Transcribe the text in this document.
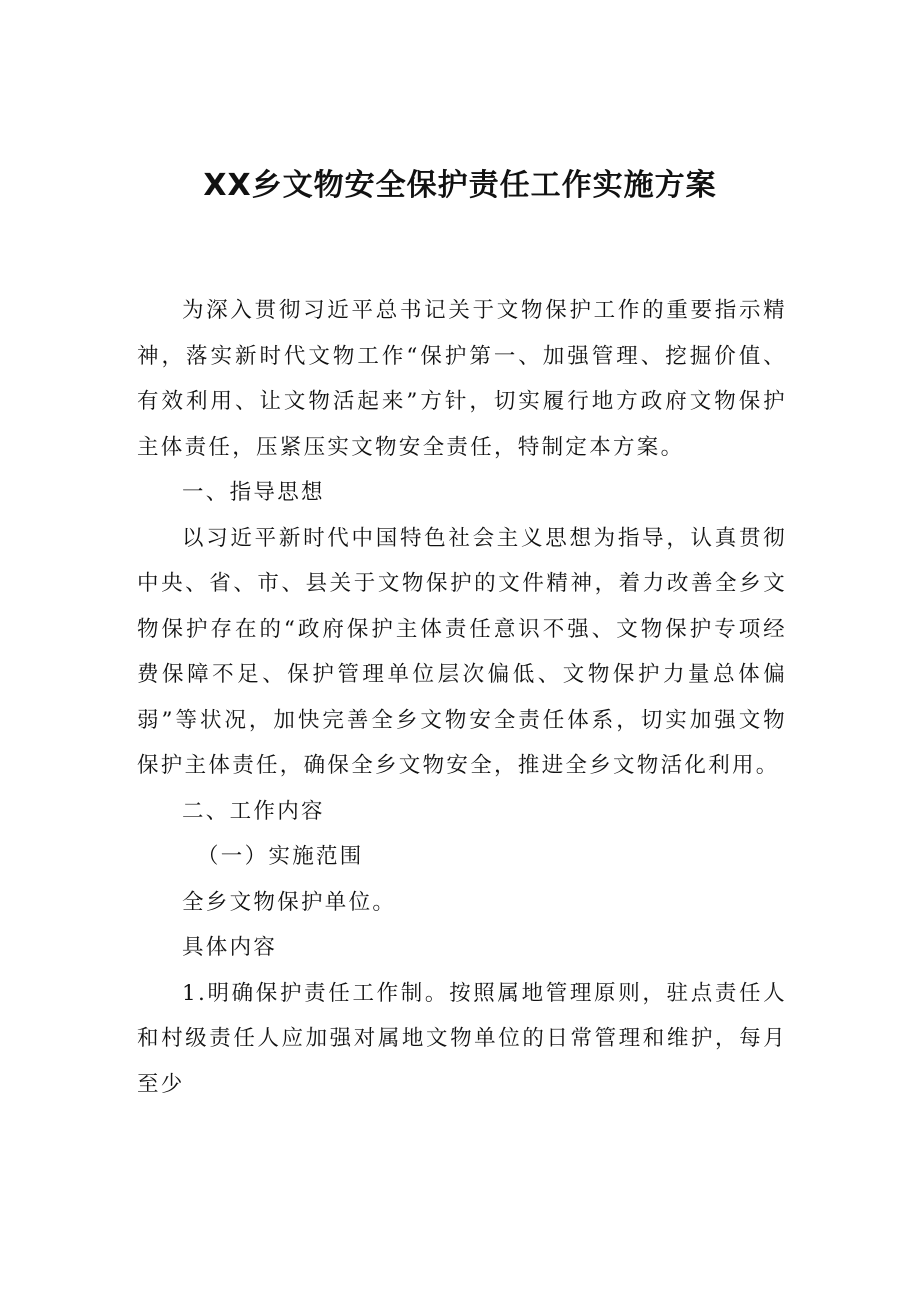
XX乡文物安全保护责任工作实施方案

为深入贯彻习近平总书记关于文物保护工作的重要指示精神，落实新时代文物工作“保护第一、加强管理、挖掘价值、有效利用、让文物活起来”方针，切实履行地方政府文物保护主体责任，压紧压实文物安全责任，特制定本方案。

一、指导思想

以习近平新时代中国特色社会主义思想为指导，认真贯彻中央、省、市、县关于文物保护的文件精神，着力改善全乡文物保护存在的“政府保护主体责任意识不强、文物保护专项经费保障不足、保护管理单位层次偏低、文物保护力量总体偏弱”等状况，加快完善全乡文物安全责任体系，切实加强文物保护主体责任，确保全乡文物安全，推进全乡文物活化利用。

二、工作内容

（一）实施范围

全乡文物保护单位。

具体内容

1.明确保护责任工作制。按照属地管理原则，驻点责任人和村级责任人应加强对属地文物单位的日常管理和维护，每月至少
